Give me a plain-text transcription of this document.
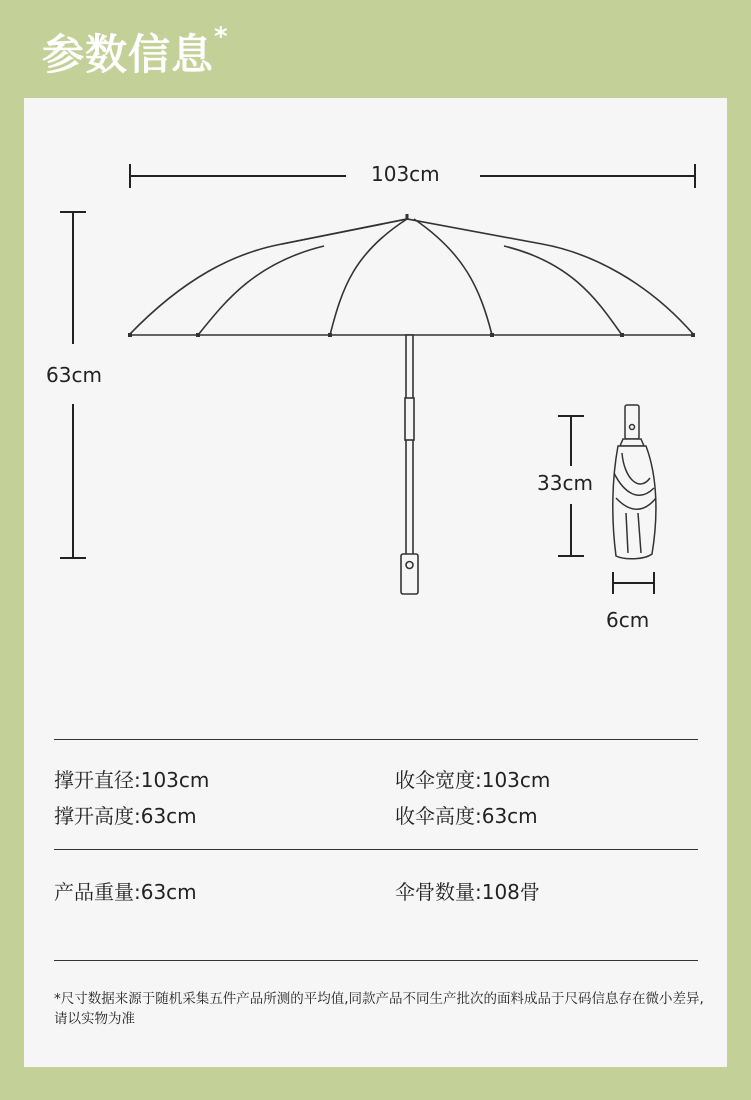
参数信息 *
103cm
63cm
33cm
6cm
撑开直径:103cm	收伞宽度:103cm
撑开高度:63cm	收伞高度:63cm
产品重量:63cm	伞骨数量:108骨
*尺寸数据来源于随机采集五件产品所测的平均值,同款产品不同生产批次的面料成品于尺码信息存在微小差异,请以实物为准
